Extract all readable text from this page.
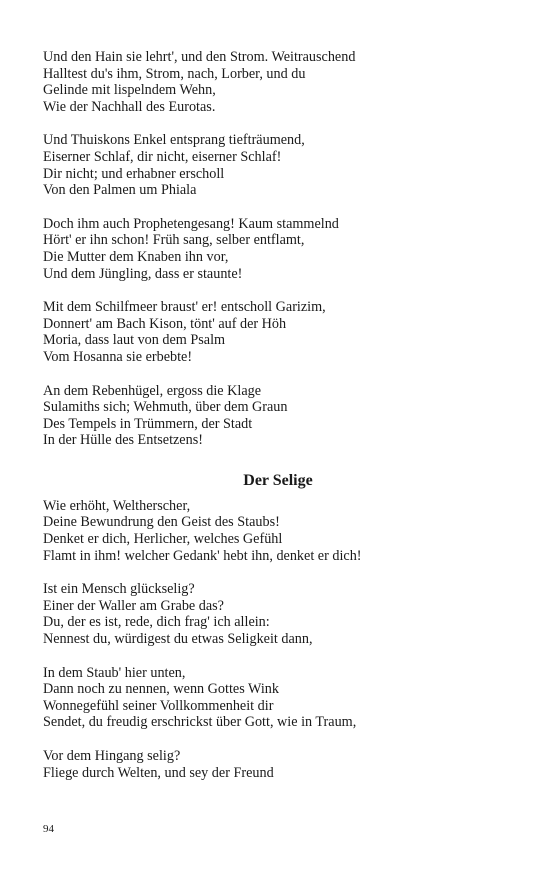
Und den Hain sie lehrt', und den Strom. Weitrauschend
Halltest du's ihm, Strom, nach, Lorber, und du
Gelinde mit lispelndem Wehn,
Wie der Nachhall des Eurotas.
Und Thuiskons Enkel entsprang tiefträumend,
Eiserner Schlaf, dir nicht, eiserner Schlaf!
Dir nicht; und erhabner erscholl
Von den Palmen um Phiala
Doch ihm auch Prophetengesang! Kaum stammelnd
Hört' er ihn schon! Früh sang, selber entflamt,
Die Mutter dem Knaben ihn vor,
Und dem Jüngling, dass er staunte!
Mit dem Schilfmeer braust' er! entscholl Garizim,
Donnert' am Bach Kison, tönt' auf der Höh
Moria, dass laut von dem Psalm
Vom Hosanna sie erbebte!
An dem Rebenhügel, ergoss die Klage
Sulamiths sich; Wehmuth, über dem Graun
Des Tempels in Trümmern, der Stadt
In der Hülle des Entsetzens!
Der Selige
Wie erhöht, Weltherscher,
Deine Bewundrung den Geist des Staubs!
Denket er dich, Herlicher, welches Gefühl
Flamt in ihm! welcher Gedank' hebt ihn, denket er dich!
Ist ein Mensch glückselig?
Einer der Waller am Grabe das?
Du, der es ist, rede, dich frag' ich allein:
Nennest du, würdigest du etwas Seligkeit dann,
In dem Staub' hier unten,
Dann noch zu nennen, wenn Gottes Wink
Wonnegefühl seiner Vollkommenheit dir
Sendet, du freudig erschrickst über Gott, wie in Traum,
Vor dem Hingang selig?
Fliege durch Welten, und sey der Freund
94
